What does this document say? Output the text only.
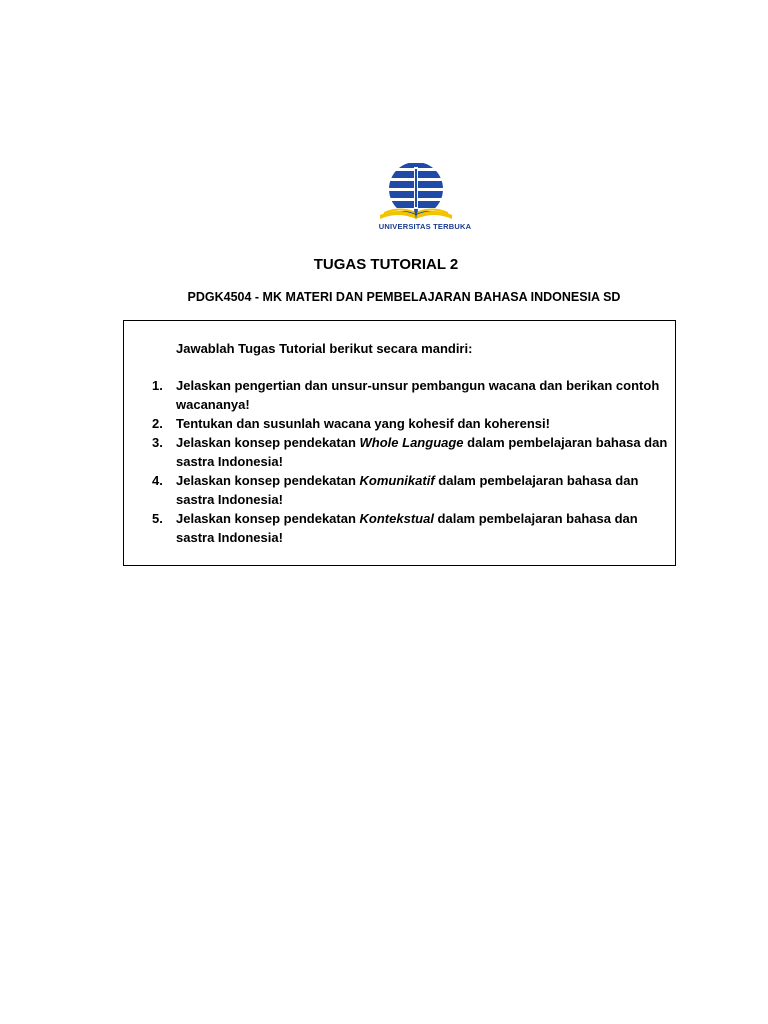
UNIVERSITAS TERBUKA
TUGAS TUTORIAL 2
PDGK4504 - MK MATERI DAN PEMBELAJARAN BAHASA INDONESIA SD
Jawablah Tugas Tutorial berikut secara mandiri:
1. Jelaskan pengertian dan unsur-unsur pembangun wacana dan berikan contoh wacananya!
2. Tentukan dan susunlah wacana yang kohesif dan koherensi!
3. Jelaskan konsep pendekatan Whole Language dalam pembelajaran bahasa dan sastra Indonesia!
4. Jelaskan konsep pendekatan Komunikatif dalam pembelajaran bahasa dan sastra Indonesia!
5. Jelaskan konsep pendekatan Kontekstual dalam pembelajaran bahasa dan sastra Indonesia!
